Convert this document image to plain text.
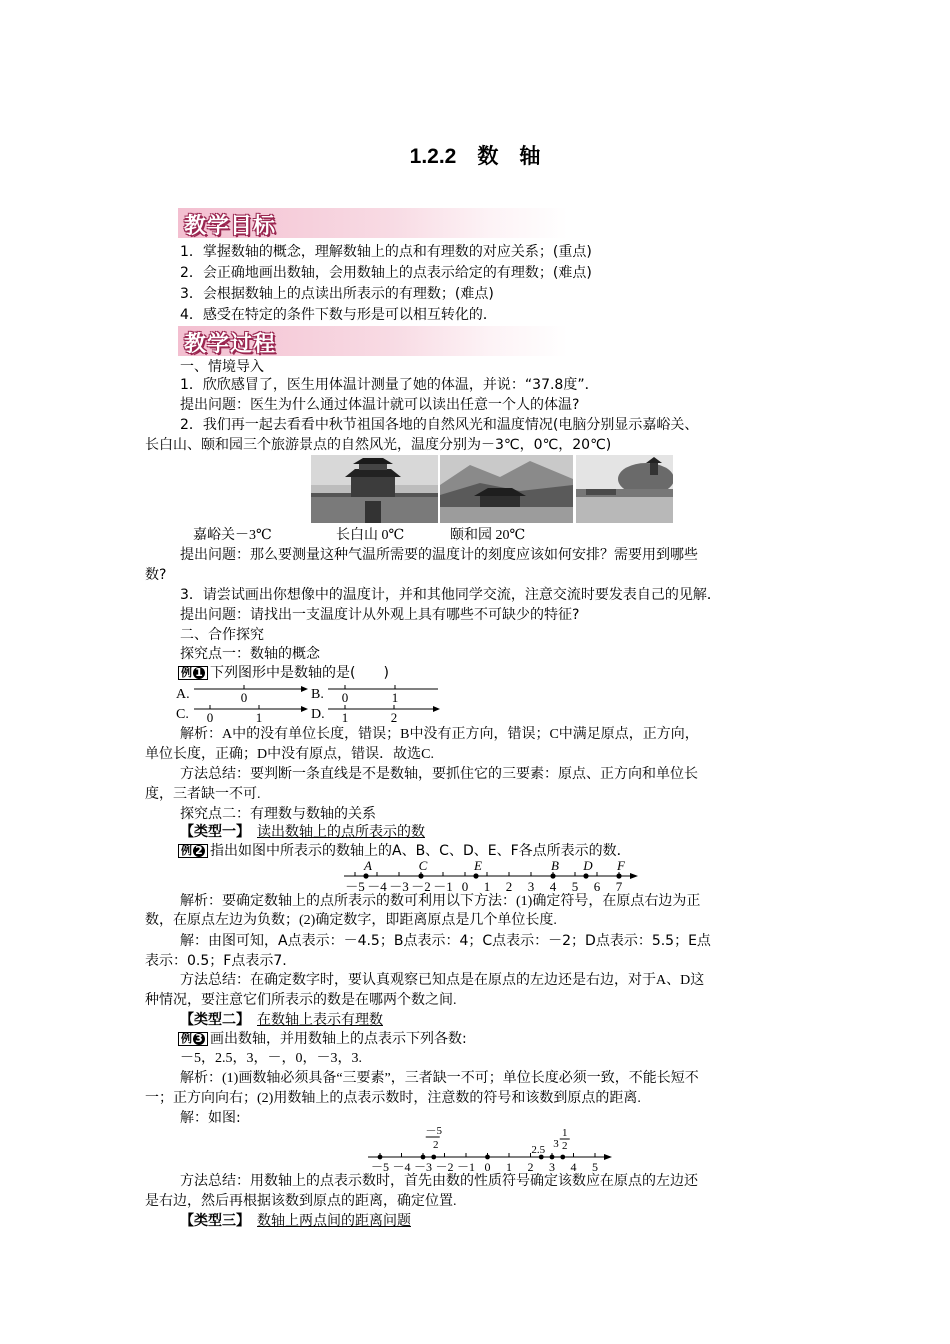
1.2.2　数　轴
教学目标
1．掌握数轴的概念，理解数轴上的点和有理数的对应关系；(重点)
2．会正确地画出数轴，会用数轴上的点表示给定的有理数；(难点)
3．会根据数轴上的点读出所表示的有理数；(难点)
4．感受在特定的条件下数与形是可以相互转化的．
教学过程
一、情境导入
1．欣欣感冒了，医生用体温计测量了她的体温，并说：“37.8度”．
提出问题：医生为什么通过体温计就可以读出任意一个人的体温?
2．我们再一起去看看中秋节祖国各地的自然风光和温度情况(电脑分别显示嘉峪关、
长白山、颐和园三个旅游景点的自然风光，温度分别为－3℃，0℃，20℃)
嘉峪关－3℃	长白山 0℃	颐和园 20℃
提出问题：那么要测量这种气温所需要的温度计的刻度应该如何安排？需要用到哪些
数?
3．请尝试画出你想像中的温度计，并和其他同学交流，注意交流时要发表自己的见解．
提出问题：请找出一支温度计从外观上具有哪些不可缺少的特征?
二、合作探究
探究点一：数轴的概念
例 1 下列图形中是数轴的是(　　)
A.	0	B. 0	1
C. 0	1	D. 1	2
解析：A中的没有单位长度，错误；B中没有正方向，错误；C中满足原点，正方向，
单位长度，正确；D中没有原点，错误．故选C.
方法总结：要判断一条直线是不是数轴，要抓住它的三要素：原点、正方向和单位长
度，三者缺一不可.
探究点二：有理数与数轴的关系
【类型一】　 读出数轴上的点所表示的数
例 2 指出如图中所表示的数轴上的A、B、C、D、E、F各点所表示的数．
－5 －4 －3 －2 －1 0 1 2 3 4 5 6 7
A	C	E	B D F
解析：要确定数轴上的点所表示的数可利用以下方法：(1)确定符号，在原点右边为正
数，在原点左边为负数；(2)确定数字，即距离原点是几个单位长度.
解：由图可知，A点表示：－4.5；B点表示：4；C点表示：－2；D点表示：5.5；E点
表示：0.5；F点表示7.
方法总结：在确定数字时，要认真观察已知点是在原点的左边还是右边，对于A、D这
种情况，要注意它们所表示的数是在哪两个数之间.
【类型二】　 在数轴上表示有理数
例 3 画出数轴，并用数轴上的点表示下列各数:
－5，2.5，3，－，0，－3，3.
解析：(1)画数轴必须具备“三要素”，三者缺一不可；单位长度必须一致，不能长短不
一；正方向向右；(2)用数轴上的点表示数时，注意数的符号和该数到原点的距离.
解：如图:
－5 －4 －3 －2 －1 0 1 2 3 4 5
－5
2	2.5 3
1
2
方法总结：用数轴上的点表示数时，首先由数的性质符号确定该数应在原点的左边还
是右边，然后再根据该数到原点的距离，确定位置.
【类型三】　 数轴上两点间的距离问题
